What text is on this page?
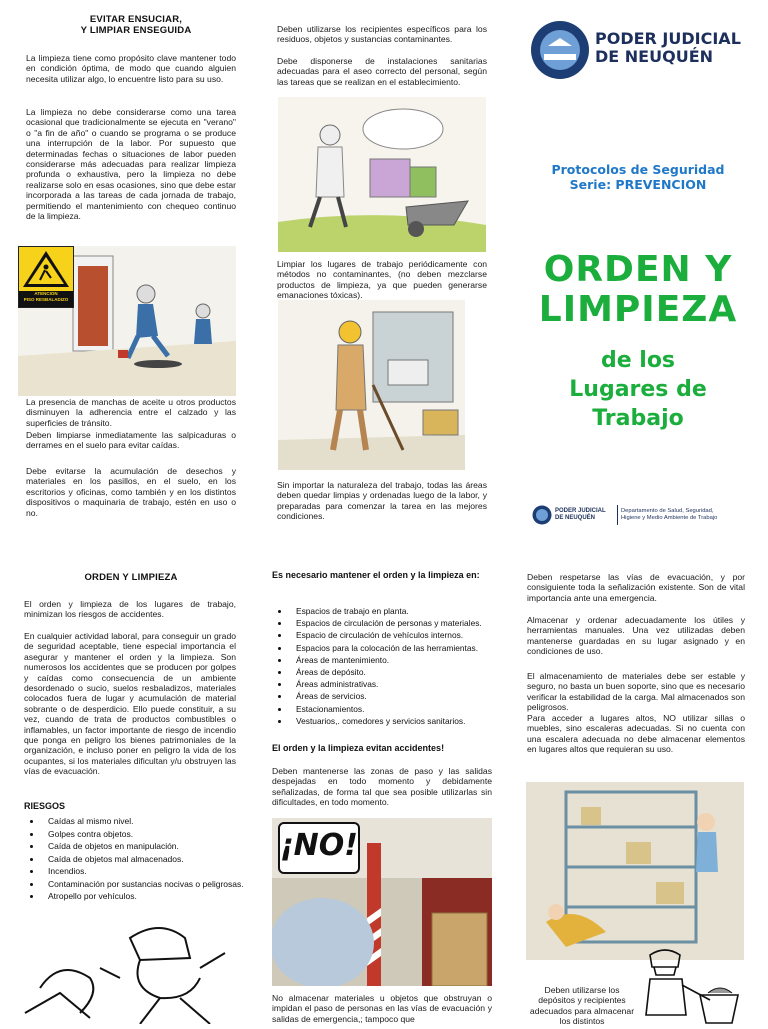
EVITAR ENSUCIAR,
Y LIMPIAR ENSEGUIDA

La limpieza tiene como propósito clave mantener todo en condición óptima, de modo que cuando alguien necesita utilizar algo, lo encuentre listo para su uso.

La limpieza no debe considerarse como una tarea ocasional que tradicionalmente se ejecuta en "verano" o "a fin de año" o cuando se programa o se produce una interrupción de la labor. Por supuesto que determinadas fechas o situaciones de labor pueden considerarse más adecuadas para realizar limpieza profunda o exhaustiva, pero la limpieza no debe realizarse solo en esas ocasiones, sino que debe estar incorporada a las tareas de cada jornada de trabajo, permitiendo el mantenimiento con chequeo continuo de la limpieza.

ATENCION
PISO RESBALADIZO

La presencia de manchas de aceite u otros productos disminuyen la adherencia entre el calzado y las superficies de tránsito.

Deben limpiarse inmediatamente las salpicaduras o derrames en el suelo para evitar caídas.

Debe evitarse la acumulación de desechos y materiales en los pasillos, en el suelo, en los escritorios y oficinas, como también y en los distintos dispositivos o maquinaria de trabajo, estén en uso o no.

Deben utilizarse los recipientes específicos para los residuos, objetos y sustancias contaminantes.

Debe disponerse de instalaciones sanitarias adecuadas para el aseo correcto del personal, según las tareas que se realizan en el establecimiento.

Limpiar los lugares de trabajo periódicamente con métodos no contaminantes, (no deben mezclarse productos de limpieza, ya que pueden generarse emanaciones tóxicas).

Sin importar la naturaleza del trabajo, todas las áreas deben quedar limpias y ordenadas luego de la labor, y preparadas para comenzar la tarea en las mejores condiciones.

PODER JUDICIAL
DE NEUQUÉN
Protocolos de Seguridad
Serie: PREVENCION
ORDEN Y
LIMPIEZA
de los
Lugares de
Trabajo
PODER JUDICIAL
DE NEUQUÉN
Departamento de Salud, Seguridad,
Higiene y Medio Ambiente de Trabajo
ORDEN Y LIMPIEZA

El orden y limpieza de los lugares de trabajo, minimizan los riesgos de accidentes.

En cualquier actividad laboral, para conseguir un grado de seguridad aceptable, tiene especial importancia el asegurar y mantener el orden y la limpieza. Son numerosos los accidentes que se producen por golpes y caídas como consecuencia de un ambiente desordenado o sucio, suelos resbaladizos, materiales colocados fuera de lugar y acumulación de material sobrante o de desperdicio. Ello puede constituir, a su vez, cuando de trata de productos combustibles o inflamables, un factor importante de riesgo de incendio que ponga en peligro los bienes patrimoniales de la organización, e incluso poner en peligro la vida de los ocupantes, si los materiales dificultan y/u obstruyen las vías de evacuación.

RIESGOS
• Caídas al mismo nivel.
• Golpes contra objetos.
• Caída de objetos en manipulación.
• Caída de objetos mal almacenados.
• Incendios.
• Contaminación por sustancias nocivas o peligrosas.
• Atropello por vehículos.
Es necesario mantener el orden y la limpieza en:
• Espacios de trabajo en planta.
• Espacios de circulación de personas y materiales.
• Espacio de circulación de vehículos internos.
• Espacios para la colocación de las herramientas.
• Áreas de mantenimiento.
• Áreas de depósito.
• Áreas administrativas.
• Áreas de servicios.
• Estacionamientos.
• Vestuarios,. comedores y servicios sanitarios.
El orden y la limpieza evitan accidentes!

Deben mantenerse las zonas de paso y las salidas despejadas en todo momento y debidamente señalizadas, de forma tal que sea posible utilizarlas sin dificultades, en todo momento.

¡NO!

No almacenar materiales u objetos que obstruyan o impidan el paso de personas en las vías de evacuación y salidas de emergencia,; tampoco que

Deben respetarse las vías de evacuación, y por consiguiente toda la señalización existente. Son de vital importancia ante una emergencia.

Almacenar y ordenar adecuadamente los útiles y herramientas manuales. Una vez utilizadas deben mantenerse guardadas en su lugar asignado y en condiciones de uso.

El almacenamiento de materiales debe ser estable y seguro, no basta un buen soporte, sino que es necesario verificar la estabilidad de la carga. Mal almacenados son peligrosos.

Para acceder a lugares altos, NO utilizar sillas o muebles, sino escaleras adecuadas. Si no cuenta con una escalera adecuada no debe almacenar elementos en lugares altos que requieran su uso.

Deben utilizarse los depósitos y recipientes adecuados para almacenar los distintos
